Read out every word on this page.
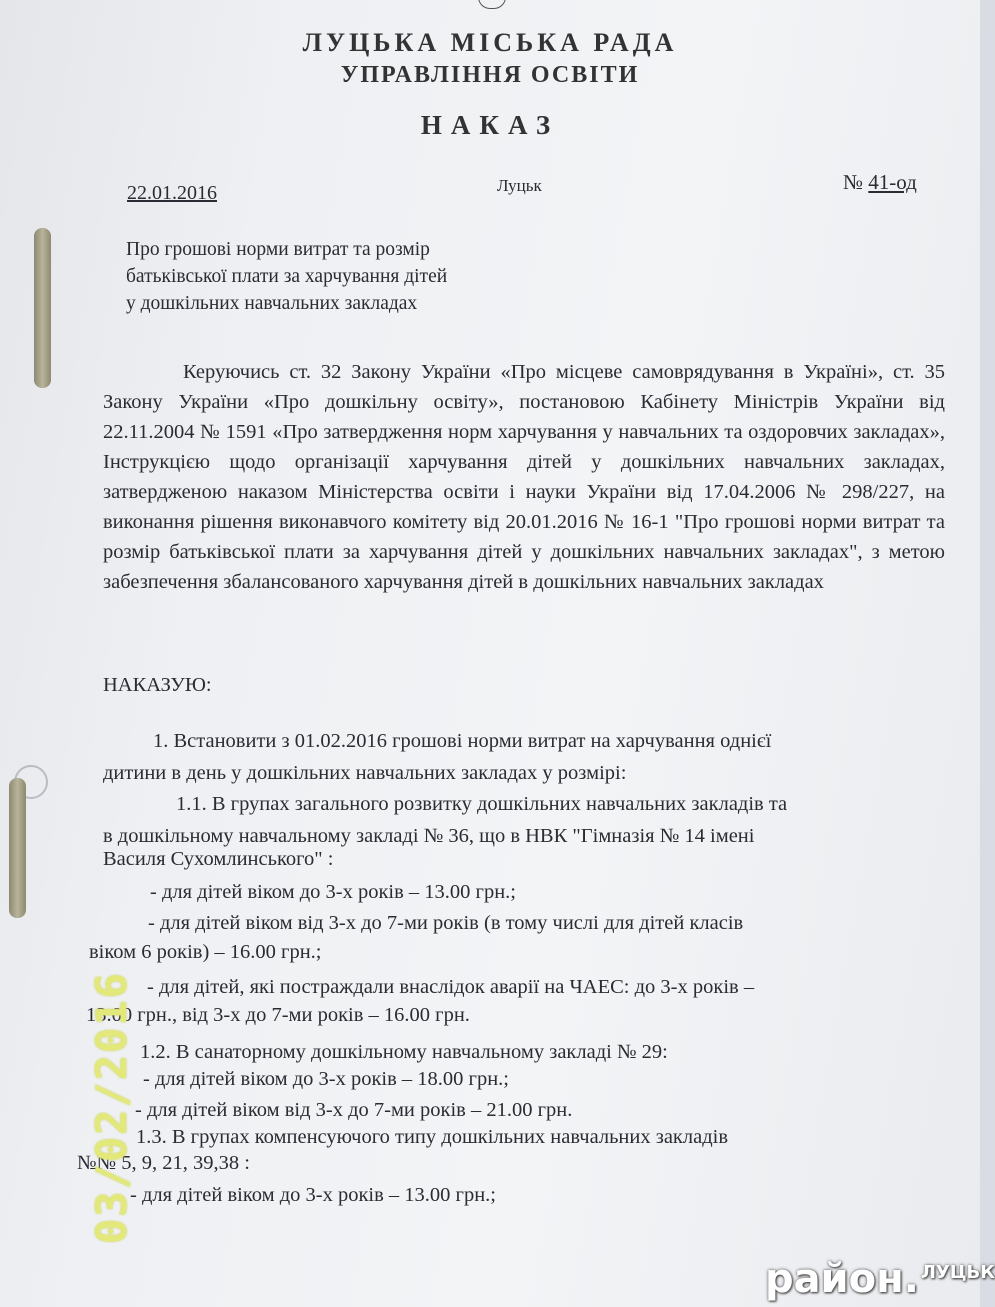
ЛУЦЬКА МІСЬКА РАДА
УПРАВЛІННЯ ОСВІТИ
НАКАЗ
22.01.2016	Луцьк	№ 41-од
Про грошові норми витрат та розмір батьківської плати за харчування дітей у дошкільних навчальних закладах
Керуючись ст. 32 Закону України «Про місцеве самоврядування в Україні», ст. 35 Закону України «Про дошкільну освіту», постановою Кабінету Міністрів України від 22.11.2004 № 1591 «Про затвердження норм харчування у навчальних та оздоровчих закладах», Інструкцією щодо організації харчування дітей у дошкільних навчальних закладах, затвердженою наказом Міністерства освіти і науки України від 17.04.2006 № 298/227, на виконання рішення виконавчого комітету від 20.01.2016 № 16-1 "Про грошові норми витрат та розмір батьківської плати за харчування дітей у дошкільних навчальних закладах", з метою забезпечення збалансованого харчування дітей в дошкільних навчальних закладах
НАКАЗУЮ:
1. Встановити з 01.02.2016 грошові норми витрат на харчування однієї
дитини в день у дошкільних навчальних закладах у розмірі:
1.1. В групах загального розвитку дошкільних навчальних закладів та
в дошкільному навчальному закладі № 36, що в НВК "Гімназія № 14 імені
Василя Сухомлинського" :
- для дітей віком до 3-х років – 13.00 грн.;
- для дітей віком від 3-х до 7-ми років (в тому числі для дітей класів
віком 6 років) – 16.00 грн.;
- для дітей, які постраждали внаслідок аварії на ЧАЕС: до 3-х років –
13.00 грн., від 3-х до 7-ми років – 16.00 грн.
1.2. В санаторному дошкільному навчальному закладі № 29:
- для дітей віком до 3-х років – 18.00 грн.;
- для дітей віком від 3-х до 7-ми років – 21.00 грн.
1.3. В групах компенсуючого типу дошкільних навчальних закладів
№№ 5, 9, 21, 39,38 :
- для дітей віком до 3-х років – 13.00 грн.;
03/02/2016
район. ЛУЦЬК
